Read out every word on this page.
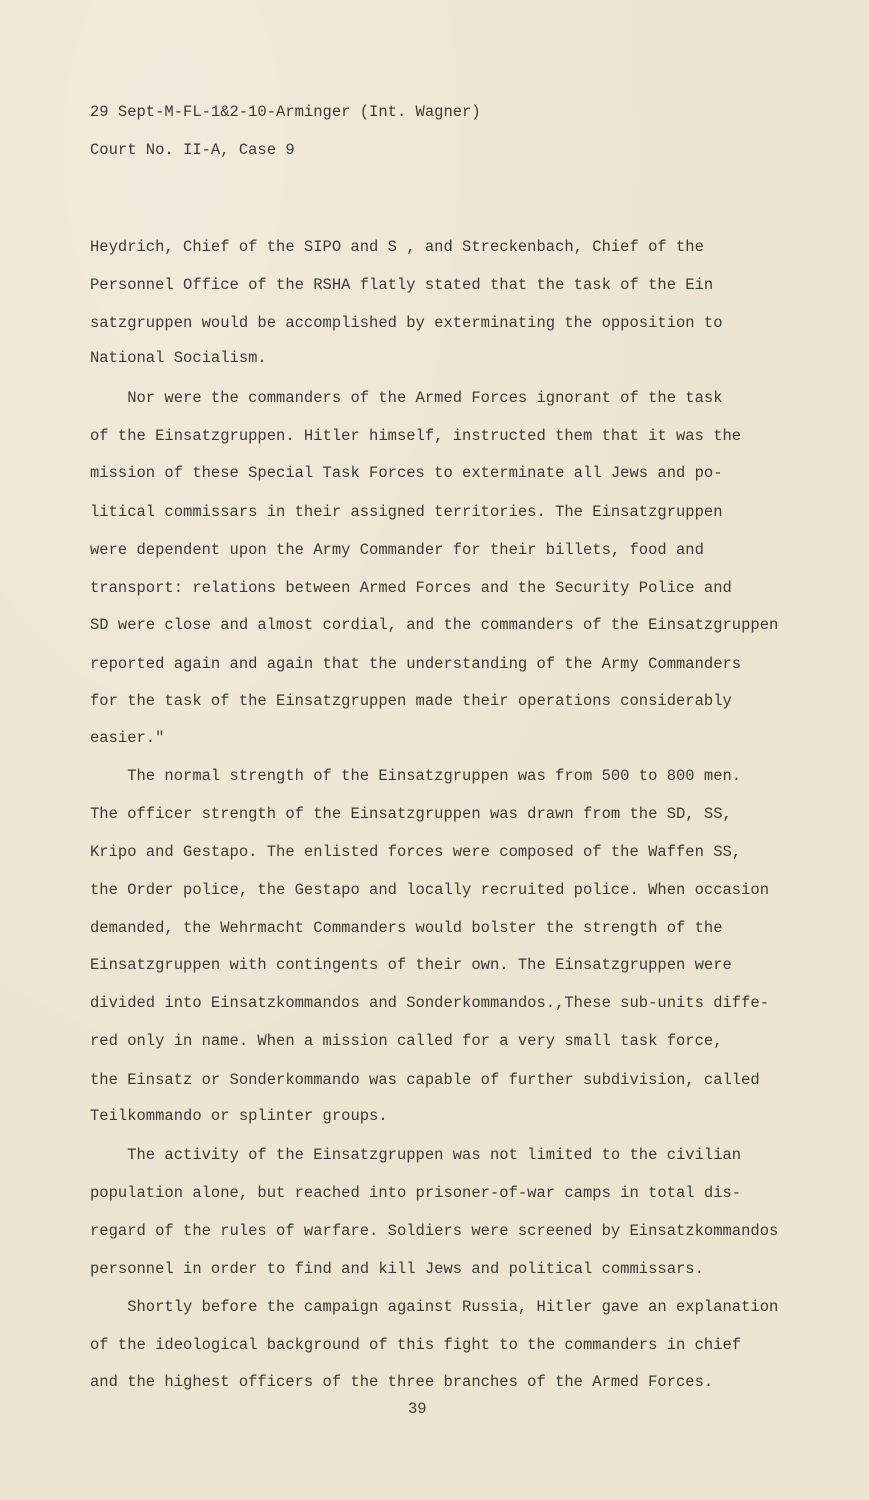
29 Sept-M-FL-1&2-10-Arminger (Int. Wagner)
Court No. II-A, Case 9
Heydrich, Chief of the SIPO and S , and Streckenbach, Chief of the
Personnel Office of the RSHA flatly stated that the task of the Ein
satzgruppen would be accomplished by exterminating the opposition to
National Socialism.
Nor were the commanders of the Armed Forces ignorant of the task
of the Einsatzgruppen. Hitler himself, instructed them that it was the
mission of these Special Task Forces to exterminate all Jews and po-
litical commissars in their assigned territories. The Einsatzgruppen
were dependent upon the Army Commander for their billets, food and
transport: relations between Armed Forces and the Security Police and
SD were close and almost cordial, and the commanders of the Einsatzgruppen
reported again and again that the understanding of the Army Commanders
for the task of the Einsatzgruppen made their operations considerably
easier."
The normal strength of the Einsatzgruppen was from 500 to 800 men.
The officer strength of the Einsatzgruppen was drawn from the SD, SS,
Kripo and Gestapo. The enlisted forces were composed of the Waffen SS,
the Order police, the Gestapo and locally recruited police. When occasion
demanded, the Wehrmacht Commanders would bolster the strength of the
Einsatzgruppen with contingents of their own. The Einsatzgruppen were
divided into Einsatzkommandos and Sonderkommandos.,These sub-units diffe-
red only in name. When a mission called for a very small task force,
the Einsatz or Sonderkommando was capable of further subdivision, called
Teilkommando or splinter groups.
The activity of the Einsatzgruppen was not limited to the civilian
population alone, but reached into prisoner-of-war camps in total dis-
regard of the rules of warfare. Soldiers were screened by Einsatzkommandos
personnel in order to find and kill Jews and political commissars.
Shortly before the campaign against Russia, Hitler gave an explanation
of the ideological background of this fight to the commanders in chief
and the highest officers of the three branches of the Armed Forces.
39
